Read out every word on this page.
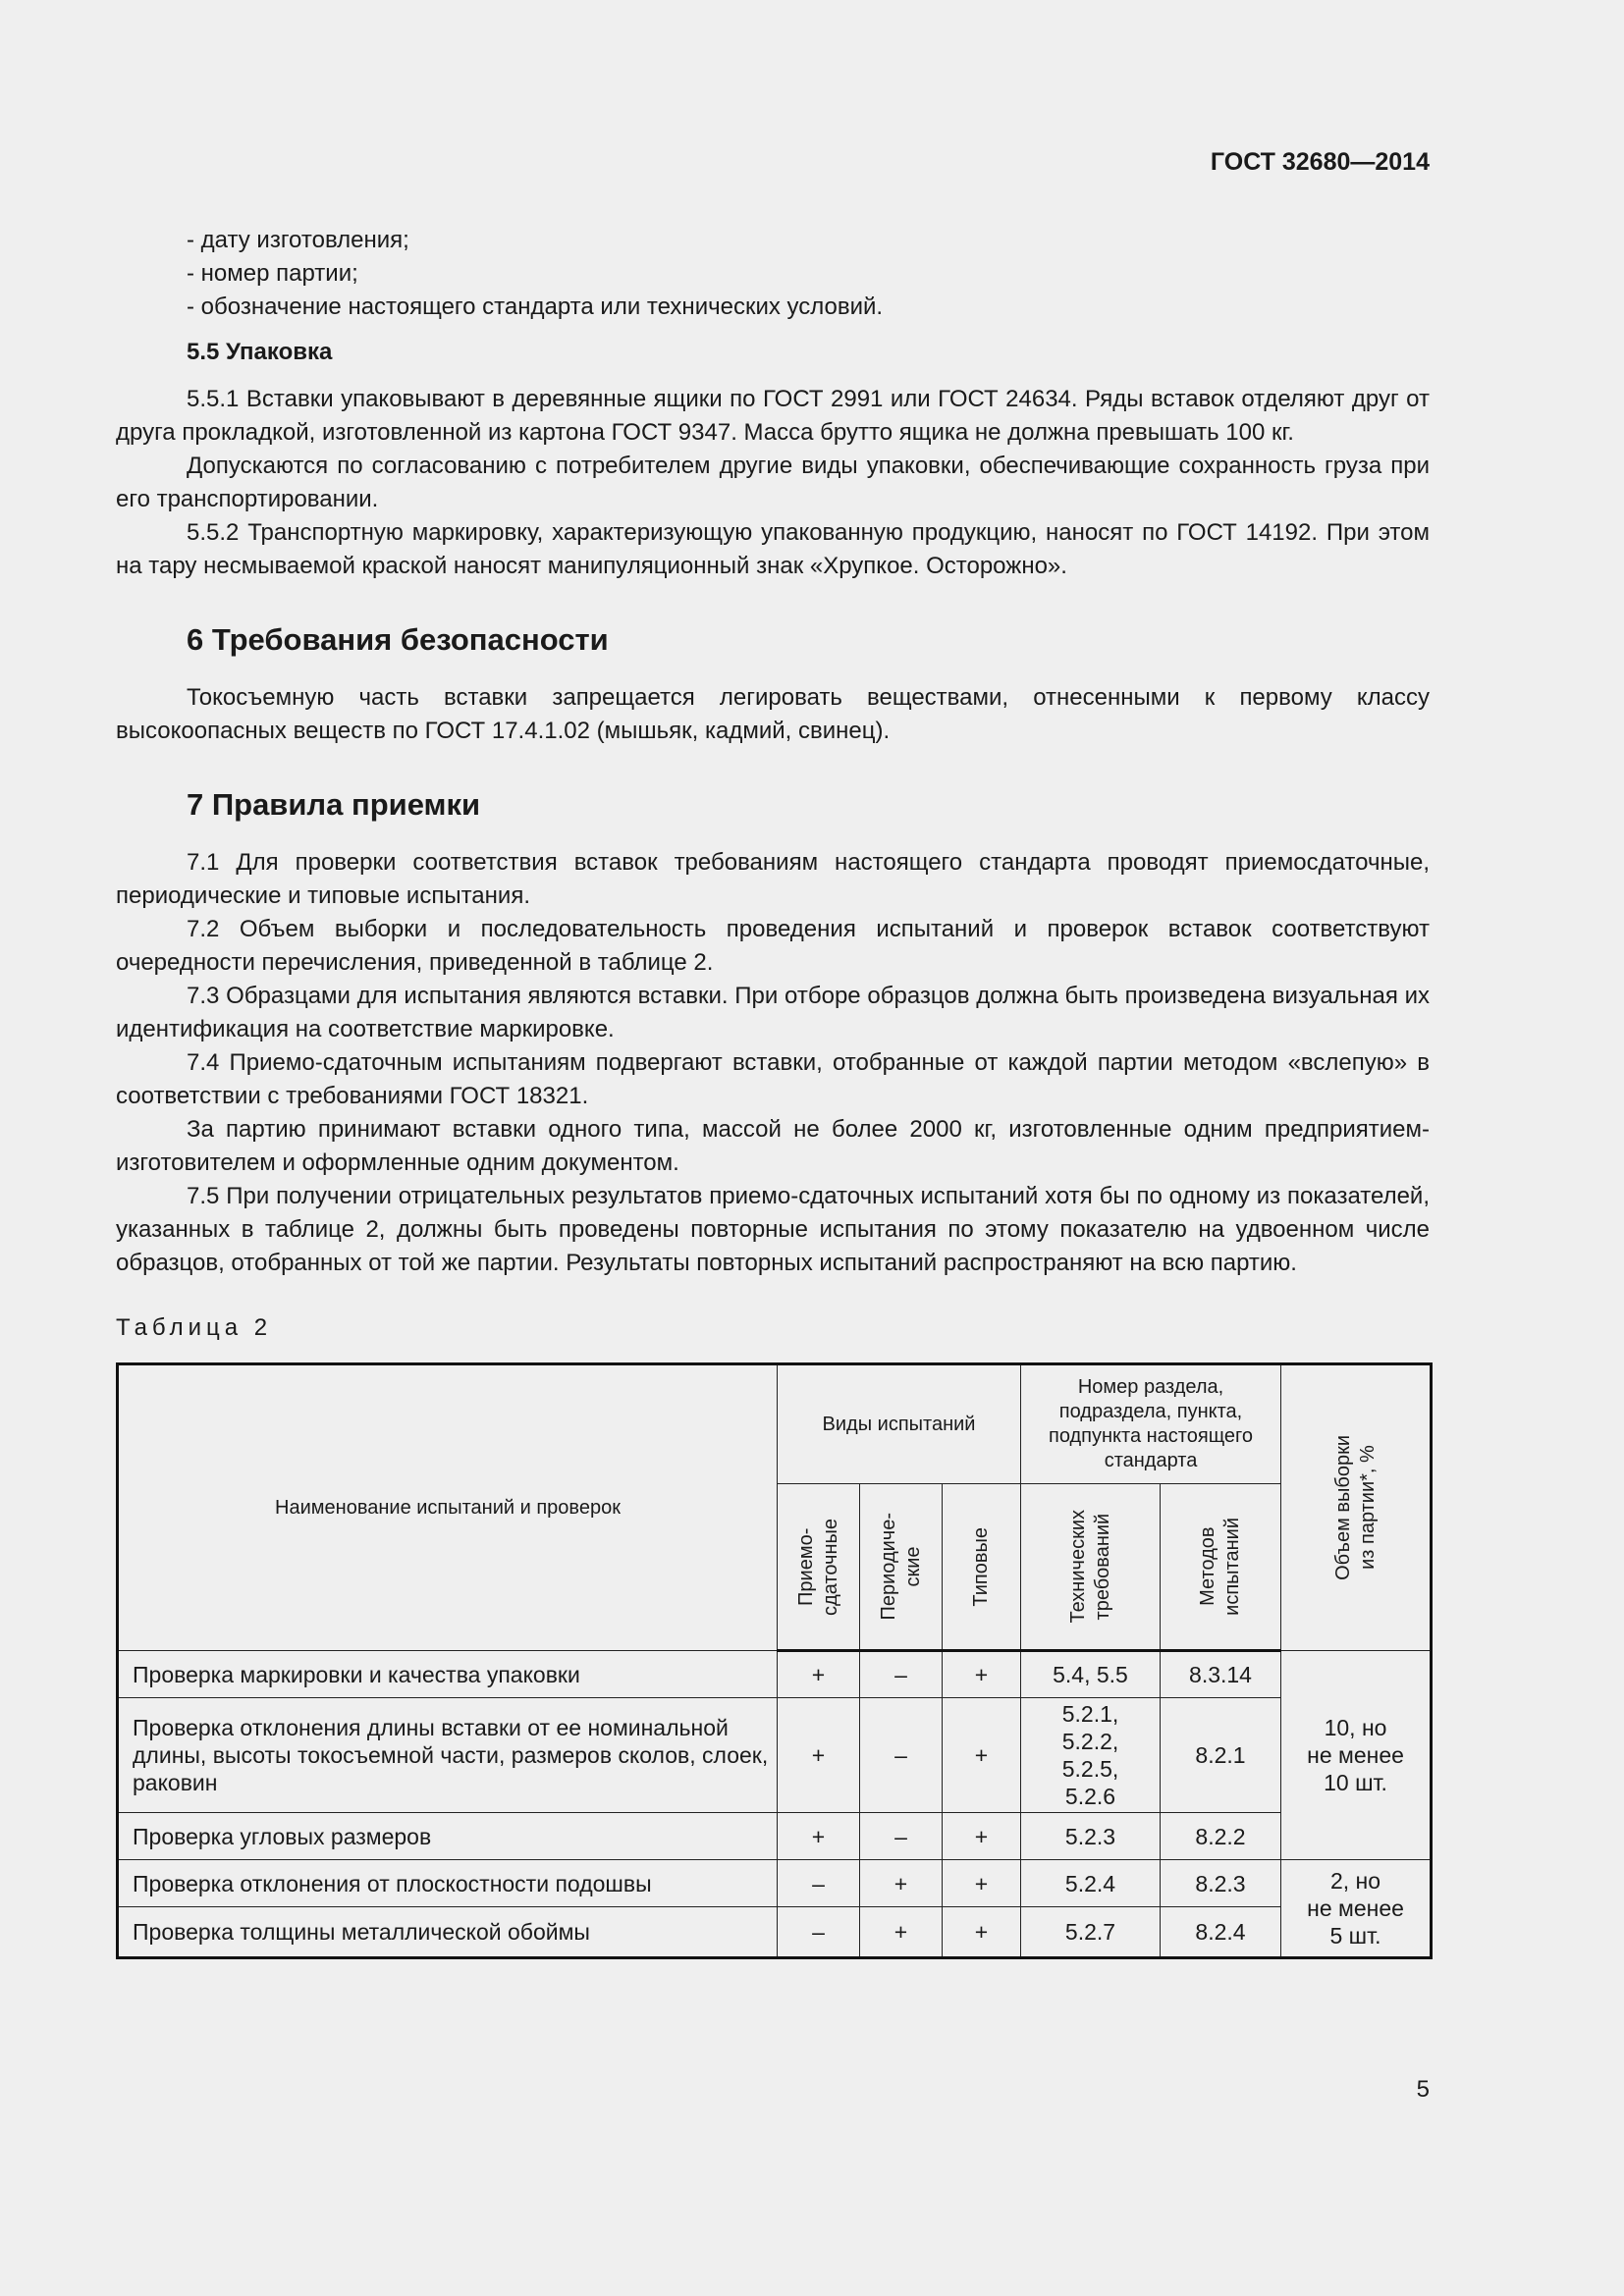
ГОСТ 32680—2014

- дату изготовления;

- номер партии;

- обозначение настоящего стандарта или технических условий.

5.5 Упаковка

5.5.1 Вставки упаковывают в деревянные ящики по ГОСТ 2991 или ГОСТ 24634. Ряды вставок отделяют друг от друга прокладкой, изготовленной из картона ГОСТ 9347. Масса брутто ящика не должна превышать 100 кг.

Допускаются по согласованию с потребителем другие виды упаковки, обеспечивающие сохранность груза при его транспортировании.

5.5.2 Транспортную маркировку, характеризующую упакованную продукцию, наносят по ГОСТ 14192. При этом на тару несмываемой краской наносят манипуляционный знак «Хрупкое. Осторожно».

6 Требования безопасности

Токосъемную часть вставки запрещается легировать веществами, отнесенными к первому классу высокоопасных веществ по ГОСТ 17.4.1.02 (мышьяк, кадмий, свинец).

7 Правила приемки

7.1 Для проверки соответствия вставок требованиям настоящего стандарта проводят приемосдаточные, периодические и типовые испытания.

7.2 Объем выборки и последовательность проведения испытаний и проверок вставок соответствуют очередности перечисления, приведенной в таблице 2.

7.3 Образцами для испытания являются вставки. При отборе образцов должна быть произведена визуальная их идентификация на соответствие маркировке.

7.4 Приемо-сдаточным испытаниям подвергают вставки, отобранные от каждой партии методом «вслепую» в соответствии с требованиями ГОСТ 18321.

За партию принимают вставки одного типа, массой не более 2000 кг, изготовленные одним предприятием-изготовителем и оформленные одним документом.

7.5 При получении отрицательных результатов приемо-сдаточных испытаний хотя бы по одному из показателей, указанных в таблице 2, должны быть проведены повторные испытания по этому показателю на удвоенном числе образцов, отобранных от той же партии. Результаты повторных испытаний распространяют на всю партию.

Таблица 2

Наименование испытаний и проверок	Виды испытаний			Номер раздела, подраздела, пункта, подпункта настоящего стандарта		Объем выборки
из партии*, %

	Приемо-
сдаточные	Периодиче-
ские	Типовые	Технических
требований	Методов
испытаний	

Проверка маркировки и качества упаковки	+	–	+	5.4, 5.5	8.3.14	10, но
не менее
10 шт.
Проверка отклонения длины вставки от ее номинальной длины, высоты токосъемной части, размеров сколов, слоек, раковин	+	–	+	5.2.1,
5.2.2,
5.2.5,
5.2.6	8.2.1	
Проверка угловых размеров	+	–	+	5.2.3	8.2.2	
Проверка отклонения от плоскостности подошвы	–	+	+	5.2.4	8.2.3	2, но
не менее
5 шт.
Проверка толщины металлической обоймы	–	+	+	5.2.7	8.2.4	
5
